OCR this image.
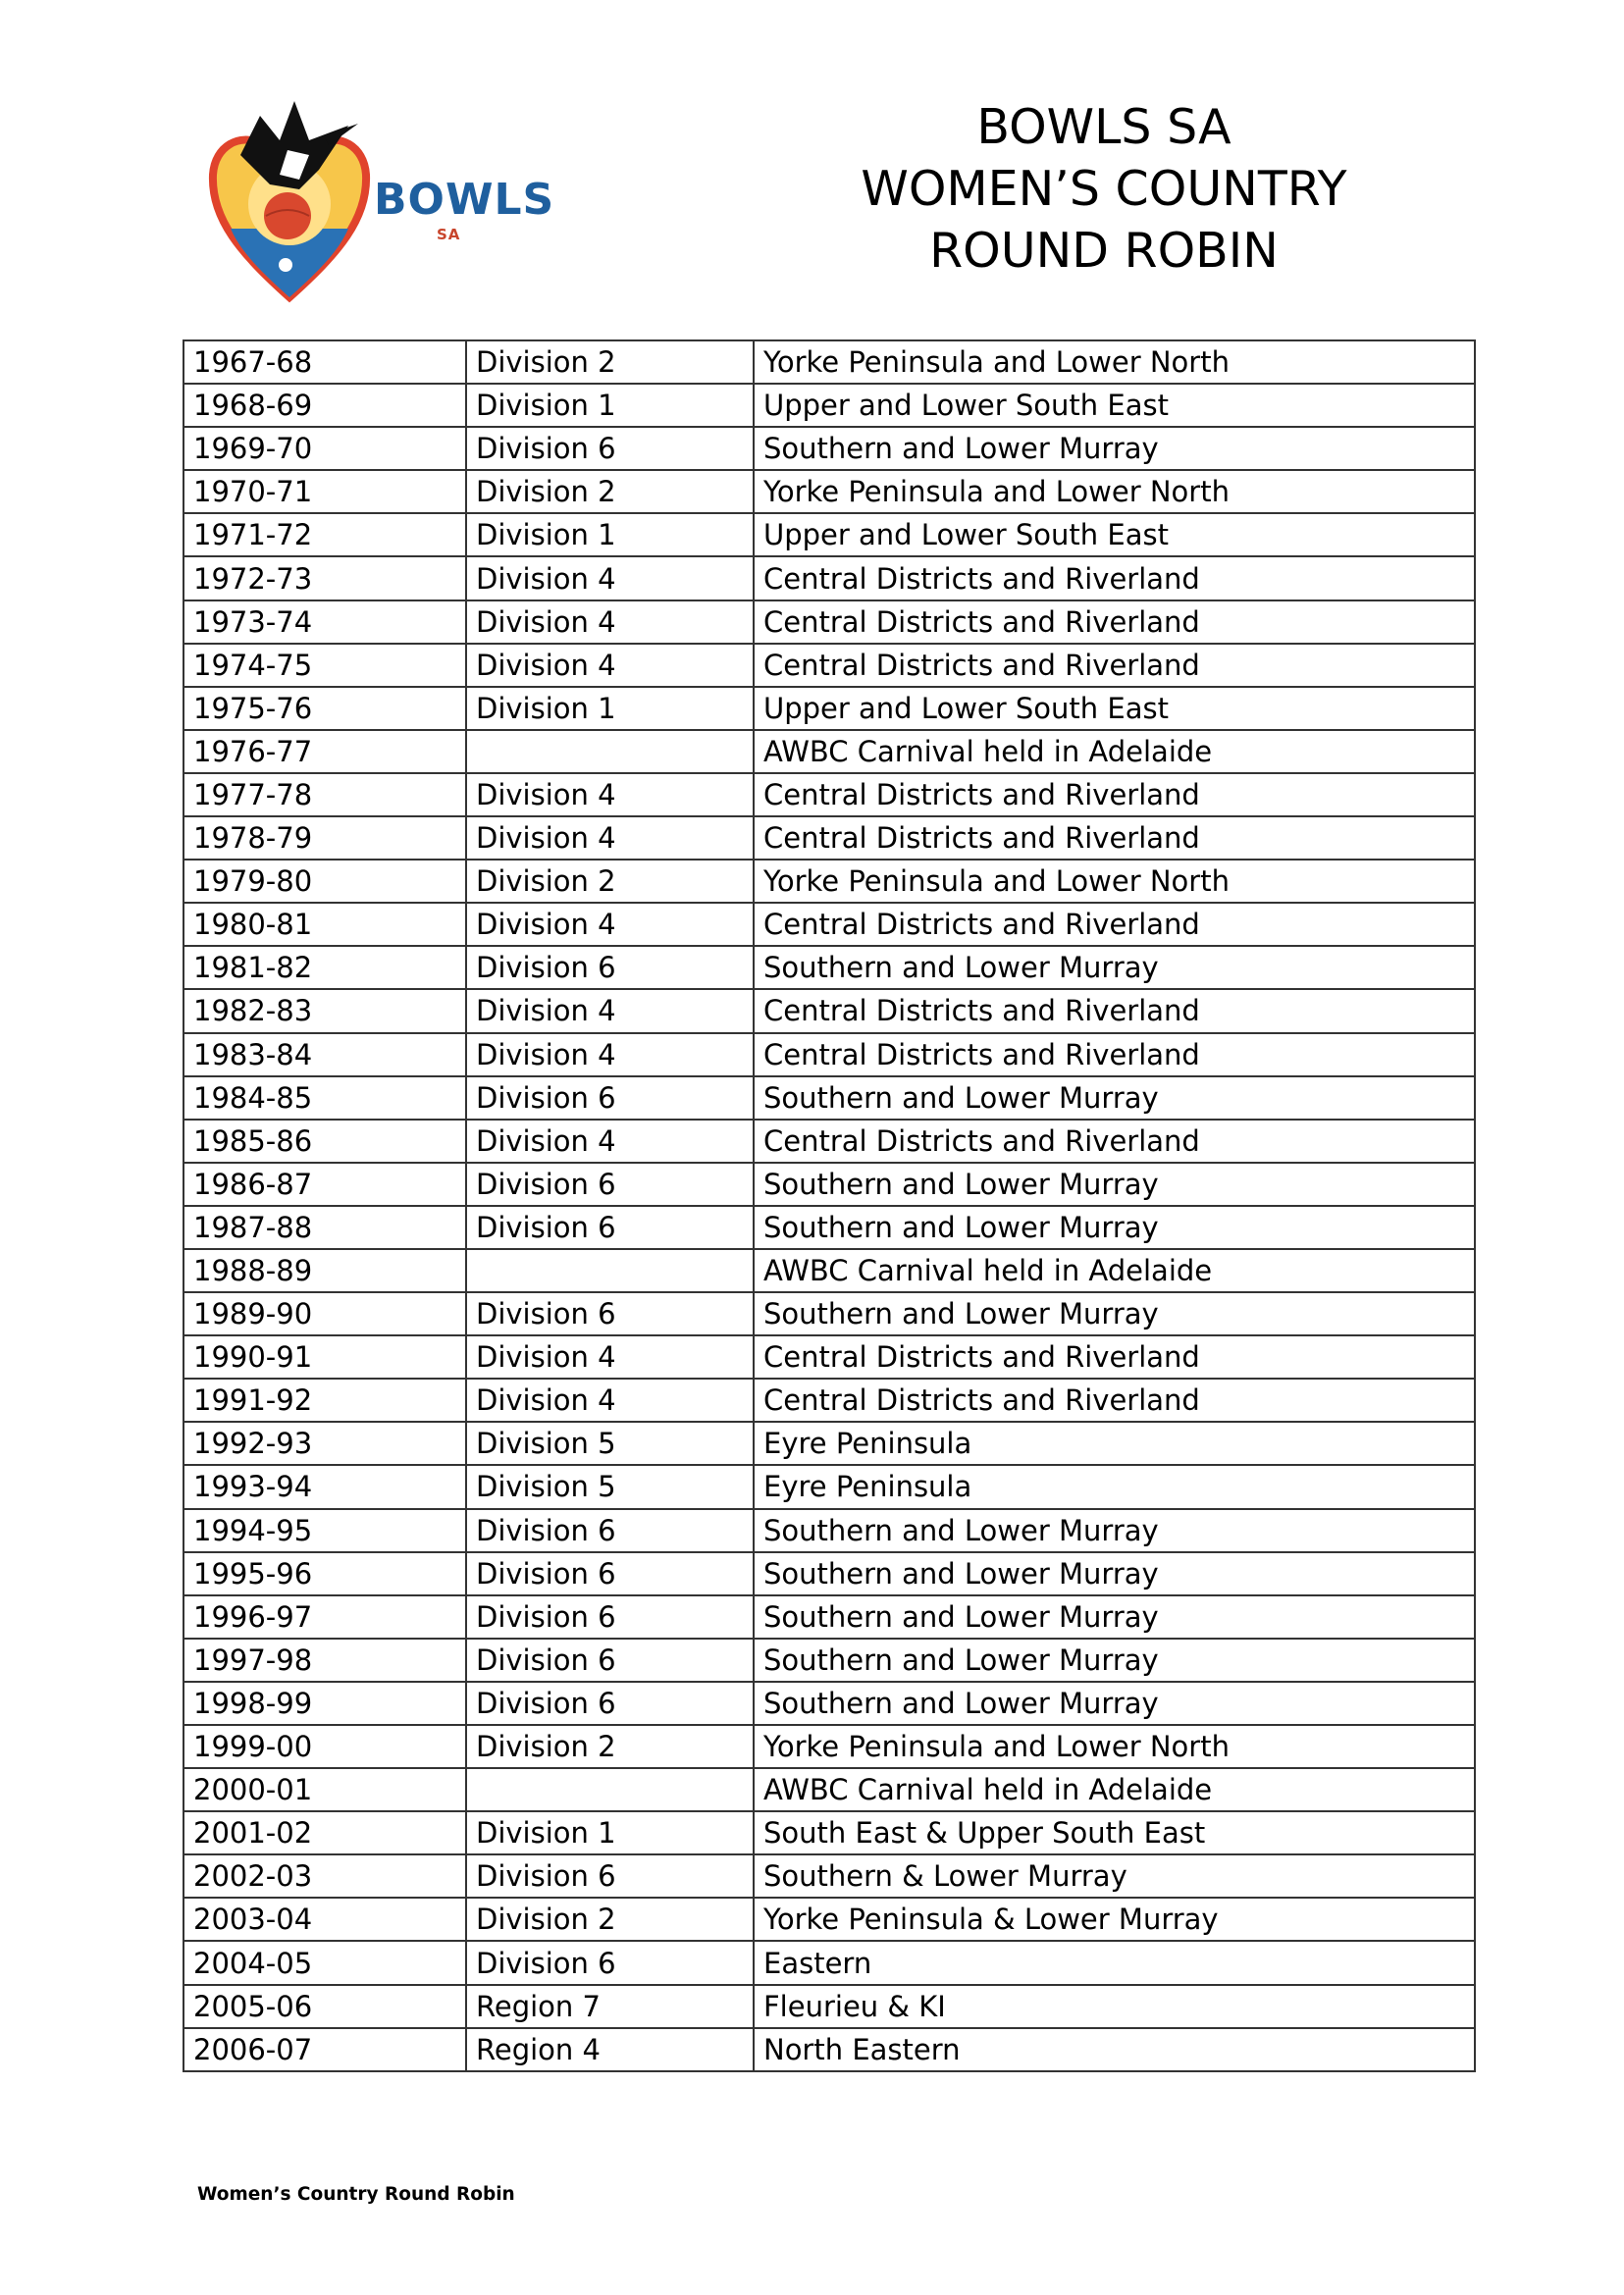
BOWLS
SA
BOWLS SA
WOMEN’S COUNTRY
ROUND ROBIN
1967-68	Division 2	Yorke Peninsula and Lower North
1968-69	Division 1	Upper and Lower South East
1969-70	Division 6	Southern and Lower Murray
1970-71	Division 2	Yorke Peninsula and Lower North
1971-72	Division 1	Upper and Lower South East
1972-73	Division 4	Central Districts and Riverland
1973-74	Division 4	Central Districts and Riverland
1974-75	Division 4	Central Districts and Riverland
1975-76	Division 1	Upper and Lower South East
1976-77		AWBC Carnival held in Adelaide
1977-78	Division 4	Central Districts and Riverland
1978-79	Division 4	Central Districts and Riverland
1979-80	Division 2	Yorke Peninsula and Lower North
1980-81	Division 4	Central Districts and Riverland
1981-82	Division 6	Southern and Lower Murray
1982-83	Division 4	Central Districts and Riverland
1983-84	Division 4	Central Districts and Riverland
1984-85	Division 6	Southern and Lower Murray
1985-86	Division 4	Central Districts and Riverland
1986-87	Division 6	Southern and Lower Murray
1987-88	Division 6	Southern and Lower Murray
1988-89		AWBC Carnival held in Adelaide
1989-90	Division 6	Southern and Lower Murray
1990-91	Division 4	Central Districts and Riverland
1991-92	Division 4	Central Districts and Riverland
1992-93	Division 5	Eyre Peninsula
1993-94	Division 5	Eyre Peninsula
1994-95	Division 6	Southern and Lower Murray
1995-96	Division 6	Southern and Lower Murray
1996-97	Division 6	Southern and Lower Murray
1997-98	Division 6	Southern and Lower Murray
1998-99	Division 6	Southern and Lower Murray
1999-00	Division 2	Yorke Peninsula and Lower North
2000-01		AWBC Carnival held in Adelaide
2001-02	Division 1	South East & Upper South East
2002-03	Division 6	Southern & Lower Murray
2003-04	Division 2	Yorke Peninsula & Lower Murray
2004-05	Division 6	Eastern
2005-06	Region 7	Fleurieu & KI
2006-07	Region 4	North Eastern
Women’s Country Round Robin
